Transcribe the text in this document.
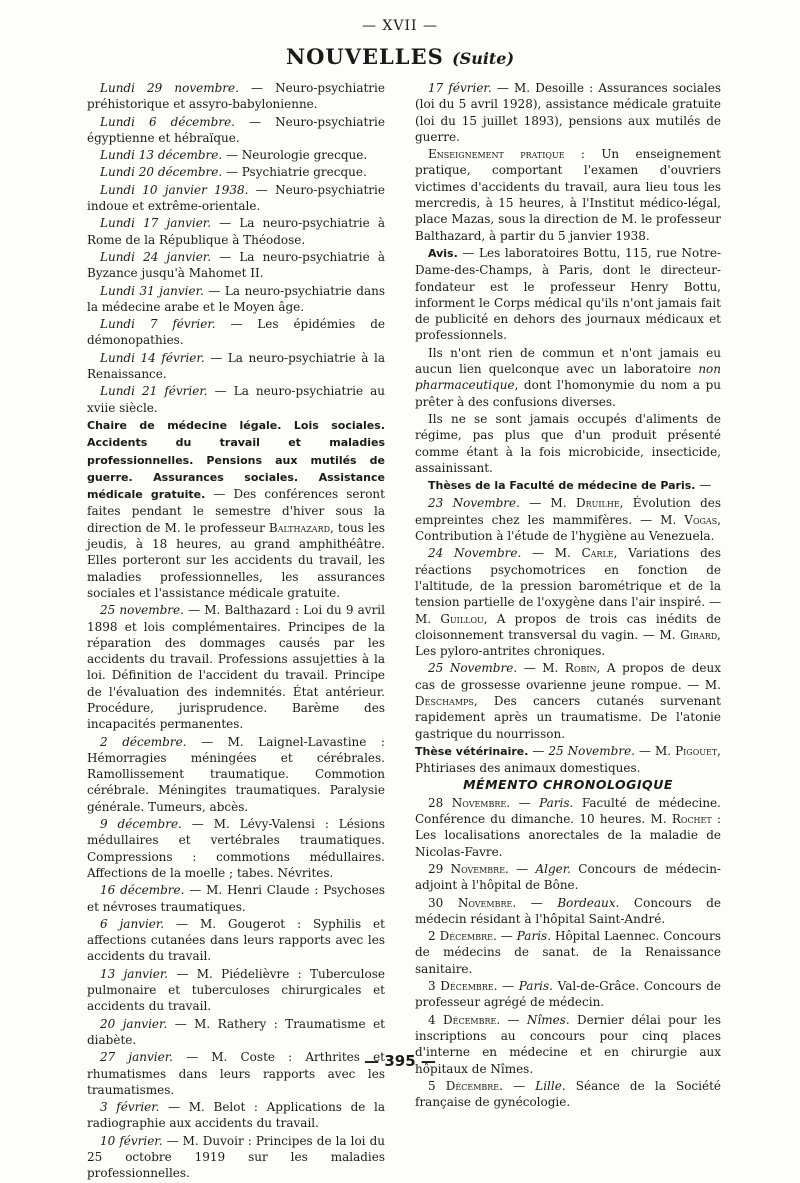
— XVII —
NOUVELLES (Suite)

Lundi 29 novembre. — Neuro-psychiatrie préhistorique et assyro-babylonienne.

Lundi 6 décembre. — Neuro-psychiatrie égyptienne et hébraïque.

Lundi 13 décembre. — Neurologie grecque.

Lundi 20 décembre. — Psychiatrie grecque.

Lundi 10 janvier 1938. — Neuro-psychiatrie indoue et extrême-orientale.

Lundi 17 janvier. — La neuro-psychiatrie à Rome de la République à Théodose.

Lundi 24 janvier. — La neuro-psychiatrie à Byzance jusqu'à Mahomet II.

Lundi 31 janvier. — La neuro-psychiatrie dans la médecine arabe et le Moyen âge.

Lundi 7 février. — Les épidémies de démonopathies.

Lundi 14 février. — La neuro-psychiatrie à la Renaissance.

Lundi 21 février. — La neuro-psychiatrie au xviie siècle.

Chaire de médecine légale. Lois sociales. Accidents du travail et maladies professionnelles. Pensions aux mutilés de guerre. Assurances sociales. Assistance médicale gratuite. — Des conférences seront faites pendant le semestre d'hiver sous la direction de M. le professeur Balthazard, tous les jeudis, à 18 heures, au grand amphithéâtre. Elles porteront sur les accidents du travail, les maladies professionnelles, les assurances sociales et l'assistance médicale gratuite.

25 novembre. — M. Balthazard : Loi du 9 avril 1898 et lois complémentaires. Principes de la réparation des dommages causés par les accidents du travail. Professions assujetties à la loi. Définition de l'accident du travail. Principe de l'évaluation des indemnités. État antérieur. Procédure, jurisprudence. Barème des incapacités permanentes.

2 décembre. — M. Laignel-Lavastine : Hémorragies méningées et cérébrales. Ramollissement traumatique. Commotion cérébrale. Méningites traumatiques. Paralysie générale. Tumeurs, abcès.

9 décembre. — M. Lévy-Valensi : Lésions médullaires et vertébrales traumatiques. Compressions : commotions médullaires. Affections de la moelle ; tabes. Névrites.

16 décembre. — M. Henri Claude : Psychoses et névroses traumatiques.

6 janvier. — M. Gougerot : Syphilis et affections cutanées dans leurs rapports avec les accidents du travail.

13 janvier. — M. Piédelièvre : Tuberculose pulmonaire et tuberculoses chirurgicales et accidents du travail.

20 janvier. — M. Rathery : Traumatisme et diabète.

27 janvier. — M. Coste : Arthrites et rhumatismes dans leurs rapports avec les traumatismes.

3 février. — M. Belot : Applications de la radiographie aux accidents du travail.

10 février. — M. Duvoir : Principes de la loi du 25 octobre 1919 sur les maladies professionnelles.

17 février. — M. Desoille : Assurances sociales (loi du 5 avril 1928), assistance médicale gratuite (loi du 15 juillet 1893), pensions aux mutilés de guerre.

Enseignement pratique : Un enseignement pratique, comportant l'examen d'ouvriers victimes d'accidents du travail, aura lieu tous les mercredis, à 15 heures, à l'Institut médico-légal, place Mazas, sous la direction de M. le professeur Balthazard, à partir du 5 janvier 1938.

Avis. — Les laboratoires Bottu, 115, rue Notre-Dame-des-Champs, à Paris, dont le directeur-fondateur est le professeur Henry Bottu, informent le Corps médical qu'ils n'ont jamais fait de publicité en dehors des journaux médicaux et professionnels.

Ils n'ont rien de commun et n'ont jamais eu aucun lien quelconque avec un laboratoire non pharmaceutique, dont l'homonymie du nom a pu prêter à des confusions diverses.

Ils ne se sont jamais occupés d'aliments de régime, pas plus que d'un produit présenté comme étant à la fois microbicide, insecticide, assainissant.

Thèses de la Faculté de médecine de Paris. —

23 Novembre. — M. Druilhe, Évolution des empreintes chez les mammifères. — M. Vogas, Contribution à l'étude de l'hygiène au Venezuela.

24 Novembre. — M. Carle, Variations des réactions psychomotrices en fonction de l'altitude, de la pression barométrique et de la tension partielle de l'oxygène dans l'air inspiré. — M. Guillou, A propos de trois cas inédits de cloisonnement transversal du vagin. — M. Girard, Les pyloro-antrites chroniques.

25 Novembre. — M. Robin, A propos de deux cas de grossesse ovarienne jeune rompue. — M. Deschamps, Des cancers cutanés survenant rapidement après un traumatisme. De l'atonie gastrique du nourrisson.

Thèse vétérinaire. — 25 Novembre. — M. Pigouet, Phtiriases des animaux domestiques.

MÉMENTO CHRONOLOGIQUE

28 Novembre. — Paris. Faculté de médecine. Conférence du dimanche. 10 heures. M. Rochet : Les localisations anorectales de la maladie de Nicolas-Favre.

29 Novembre. — Alger. Concours de médecin-adjoint à l'hôpital de Bône.

30 Novembre. — Bordeaux. Concours de médecin résidant à l'hôpital Saint-André.

2 Décembre. — Paris. Hôpital Laennec. Concours de médecins de sanat. de la Renaissance sanitaire.

3 Décembre. — Paris. Val-de-Grâce. Concours de professeur agrégé de médecin.

4 Décembre. — Nîmes. Dernier délai pour les inscriptions au concours pour cinq places d'interne en médecine et en chirurgie aux hôpitaux de Nîmes.

5 Décembre. — Lille. Séance de la Société française de gynécologie.

— 395 —
